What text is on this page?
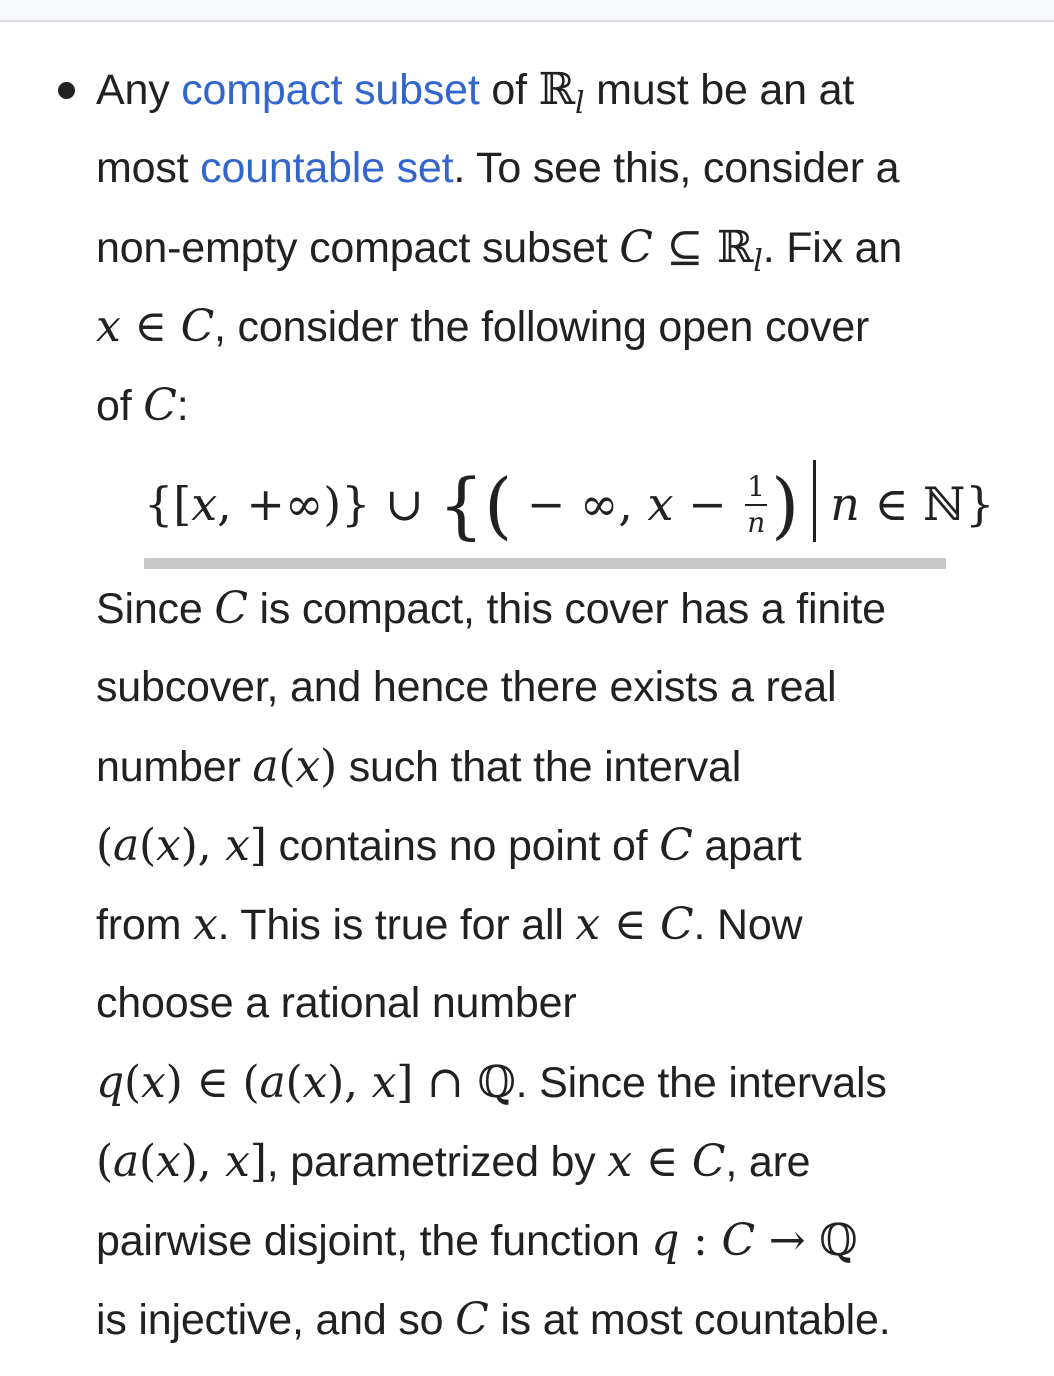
Any compact subset of ℝ$_l$ must be an at
most countable set. To see this, consider a
non-empty compact subset C ⊆ ℝ$_l$. Fix an
x ∈ C, consider the following open cover
of C:
{[x, +∞)} ∪ {( − ∞, $x - \frac{1}{n}$ ) n ∈ ℕ}
Since C is compact, this cover has a finite
subcover, and hence there exists a real
number a(x) such that the interval
(a(x), x] contains no point of C apart
from x. This is true for all x ∈ C. Now
choose a rational number
q(x) ∈ (a(x), x] ∩ ℚ. Since the intervals
(a(x), x], parametrized by x ∈ C, are
pairwise disjoint, the function q : C → ℚ
is injective, and so C is at most countable.
